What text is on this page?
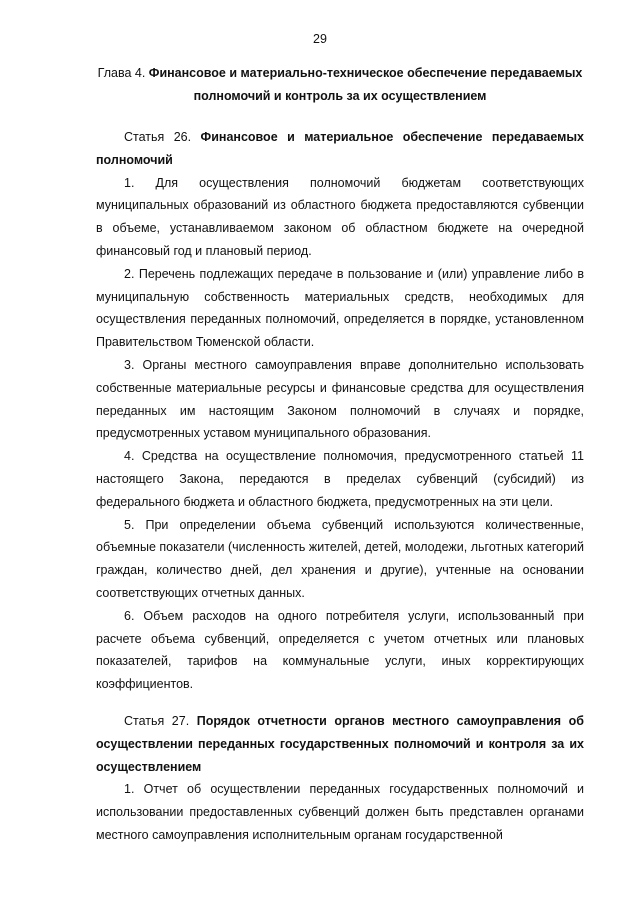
29
Глава 4. Финансовое и материально-техническое обеспечение передаваемых полномочий и контроль за их осуществлением

Статья 26. Финансовое и материальное обеспечение передаваемых полномочий

1. Для осуществления полномочий бюджетам соответствующих муниципальных образований из областного бюджета предоставляются субвенции в объеме, устанавливаемом законом об областном бюджете на очередной финансовый год и плановый период.

2. Перечень подлежащих передаче в пользование и (или) управление либо в муниципальную собственность материальных средств, необходимых для осуществления переданных полномочий, определяется в порядке, установленном Правительством Тюменской области.

3. Органы местного самоуправления вправе дополнительно использовать собственные материальные ресурсы и финансовые средства для осуществления переданных им настоящим Законом полномочий в случаях и порядке, предусмотренных уставом муниципального образования.

4. Средства на осуществление полномочия, предусмотренного статьей 11 настоящего Закона, передаются в пределах субвенций (субсидий) из федерального бюджета и областного бюджета, предусмотренных на эти цели.

5. При определении объема субвенций используются количественные, объемные показатели (численность жителей, детей, молодежи, льготных категорий граждан, количество дней, дел хранения и другие), учтенные на основании соответствующих отчетных данных.

6. Объем расходов на одного потребителя услуги, использованный при расчете объема субвенций, определяется с учетом отчетных или плановых показателей, тарифов на коммунальные услуги, иных корректирующих коэффициентов.

Статья 27. Порядок отчетности органов местного самоуправления об осуществлении переданных государственных полномочий и контроля за их осуществлением

1. Отчет об осуществлении переданных государственных полномочий и использовании предоставленных субвенций должен быть представлен органами местного самоуправления исполнительным органам государственной
